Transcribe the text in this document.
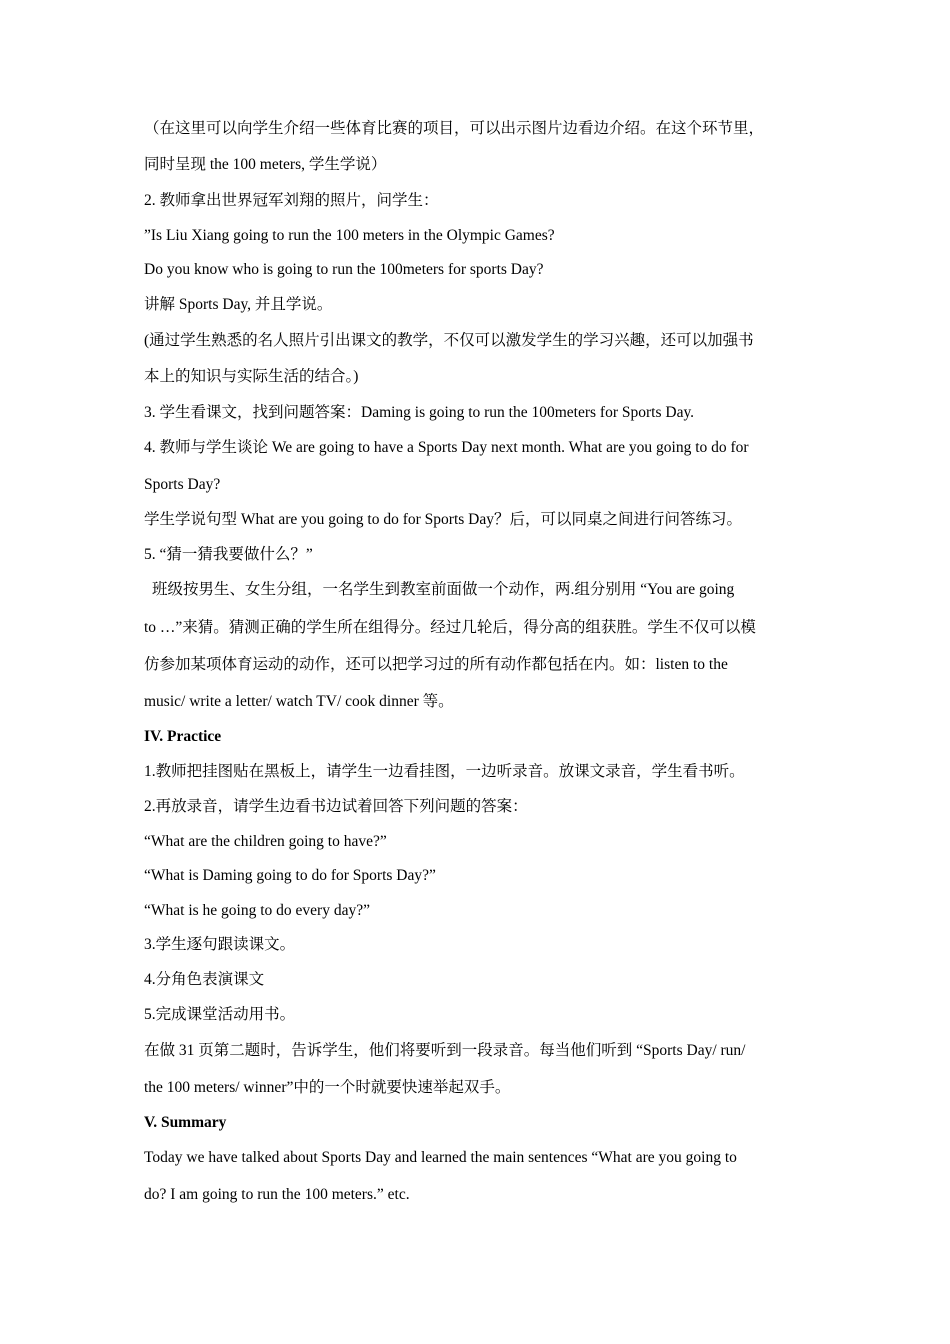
（在这里可以向学生介绍一些体育比赛的项目，可以出示图片边看边介绍。在这个环节里，
同时呈现 the 100 meters, 学生学说）
2. 教师拿出世界冠军刘翔的照片，问学生：
”Is Liu Xiang going to run the 100 meters in the Olympic Games?
Do you know who is going to run the 100meters for sports Day?
讲解 Sports Day, 并且学说。
(通过学生熟悉的名人照片引出课文的教学，不仅可以激发学生的学习兴趣，还可以加强书
本上的知识与实际生活的结合。)
3. 学生看课文，找到问题答案：Daming is going to run the 100meters for Sports Day.
4. 教师与学生谈论 We are going to have a Sports Day next month. What are you going to do for
Sports Day?
学生学说句型 What are you going to do for Sports Day？后，可以同桌之间进行问答练习。
5. “猜一猜我要做什么？”
班级按男生、女生分组，一名学生到教室前面做一个动作，两.组分别用 “You are going
to …”来猜。猜测正确的学生所在组得分。经过几轮后，得分高的组获胜。学生不仅可以模
仿参加某项体育运动的动作，还可以把学习过的所有动作都包括在内。如：listen to the
music/ write a letter/ watch TV/ cook dinner 等。
IV. Practice
1.教师把挂图贴在黑板上，请学生一边看挂图，一边听录音。放课文录音，学生看书听。
2.再放录音，请学生边看书边试着回答下列问题的答案：
“What are the children going to have?”
“What is Daming going to do for Sports Day?”
“What is he going to do every day?”
3.学生逐句跟读课文。
4.分角色表演课文
5.完成课堂活动用书。
在做 31 页第二题时，告诉学生，他们将要听到一段录音。每当他们听到 “Sports Day/ run/
the 100 meters/ winner”中的一个时就要快速举起双手。
V. Summary
Today we have talked about Sports Day and learned the main sentences “What are you going to
do? I am going to run the 100 meters.” etc.
